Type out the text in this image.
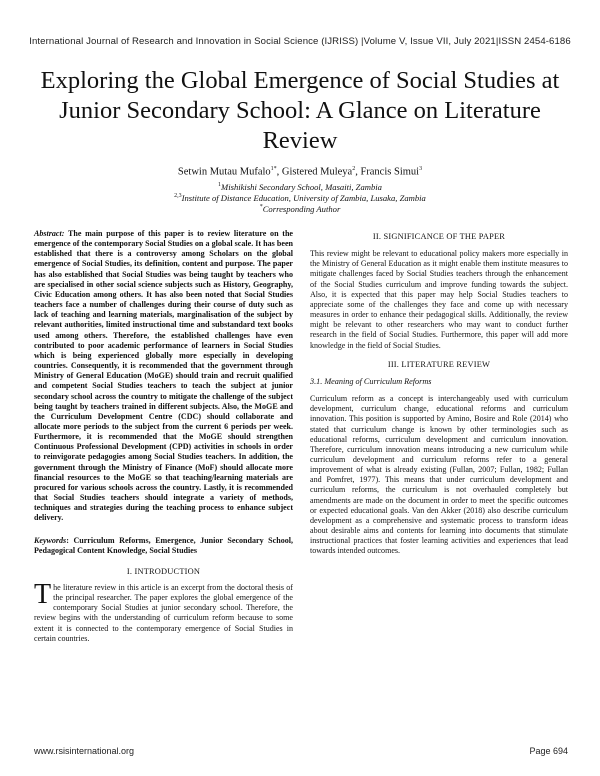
International Journal of Research and Innovation in Social Science (IJRISS) |Volume V, Issue VII, July 2021|ISSN 2454-6186
Exploring the Global Emergence of Social Studies at
Junior Secondary School: A Glance on Literature
Review
Setwin Mutau Mufalo$^{1*}$, Gistered Muleya$^2$, Francis Simui$^3$
$^1$Mishikishi Secondary School, Masaiti, Zambia
$^{2,3}$Institute of Distance Education, University of Zambia, Lusaka, Zambia
*Corresponding Author

Abstract: The main purpose of this paper is to review literature on the emergence of the contemporary Social Studies on a global scale. It has been established that there is a controversy among Scholars on the global emergence of Social Studies, its definition, content and purpose. The paper has also established that Social Studies was being taught by teachers who are specialised in other social science subjects such as History, Geography, Civic Education among others. It has also been noted that Social Studies teachers face a number of challenges during their course of duty such as lack of teaching and learning materials, marginalisation of the subject by relevant authorities, limited instructional time and substandard text books used among others. Therefore, the established challenges have even contributed to poor academic performance of learners in Social Studies which is being experienced globally more especially in developing countries. Consequently, it is recommended that the government through Ministry of General Education (MoGE) should train and recruit qualified and competent Social Studies teachers to teach the subject at junior secondary school across the country to mitigate the challenge of the subject being taught by teachers trained in different subjects. Also, the MoGE and the Curriculum Development Centre (CDC) should collaborate and allocate more periods to the subject from the current 6 periods per week. Furthermore, it is recommended that the MoGE should strengthen Continuous Professional Development (CPD) activities in schools in order to reinvigorate pedagogies among Social Studies teachers. In addition, the government through the Ministry of Finance (MoF) should allocate more financial resources to the MoGE so that teaching/learning materials are procured for various schools across the country. Lastly, it is recommended that Social Studies teachers should integrate a variety of methods, techniques and strategies during the teaching process to enhance subject delivery.

Keywords: Curriculum Reforms, Emergence, Junior Secondary School, Pedagogical Content Knowledge, Social Studies

I. INTRODUCTION

The literature review in this article is an excerpt from the doctoral thesis of the principal researcher. The paper explores the global emergence of the contemporary Social Studies at junior secondary school. Therefore, the review begins with the understanding of curriculum reform because to some extent it is connected to the contemporary emergence of Social Studies in certain countries.

II. SIGNIFICANCE OF THE PAPER

This review might be relevant to educational policy makers more especially in the Ministry of General Education as it might enable them institute measures to mitigate challenges faced by Social Studies teachers through the enhancement of the Social Studies curriculum and improve funding towards the subject. Also, it is expected that this paper may help Social Studies teachers to appreciate some of the challenges they face and come up with necessary measures in order to enhance their pedagogical skills. Additionally, the review might be relevant to other researchers who may want to conduct further research in the field of Social Studies. Furthermore, this paper will add more knowledge in the field of Social Studies.

III. LITERATURE REVIEW

3.1. Meaning of Curriculum Reforms

Curriculum reform as a concept is interchangeably used with curriculum development, curriculum change, educational reforms and curriculum innovation. This position is supported by Amino, Bosire and Role (2014) who stated that curriculum change is known by other terminologies such as educational reforms, curriculum development and curriculum innovation. Therefore, curriculum innovation means introducing a new curriculum while curriculum development and curriculum reforms refer to a general improvement of what is already existing (Fullan, 2007; Fullan, 1982; Fullan and Pomfret, 1977). This means that under curriculum development and curriculum reforms, the curriculum is not overhauled completely but amendments are made on the document in order to meet the specific outcomes or expected educational goals. Van den Akker (2018) also describe curriculum development as a comprehensive and systematic process to transform ideas about desirable aims and contents for learning into documents that stimulate instructional practices that foster learning activities and experiences that lead towards intended outcomes.

www.rsisinternational.org	Page 694
